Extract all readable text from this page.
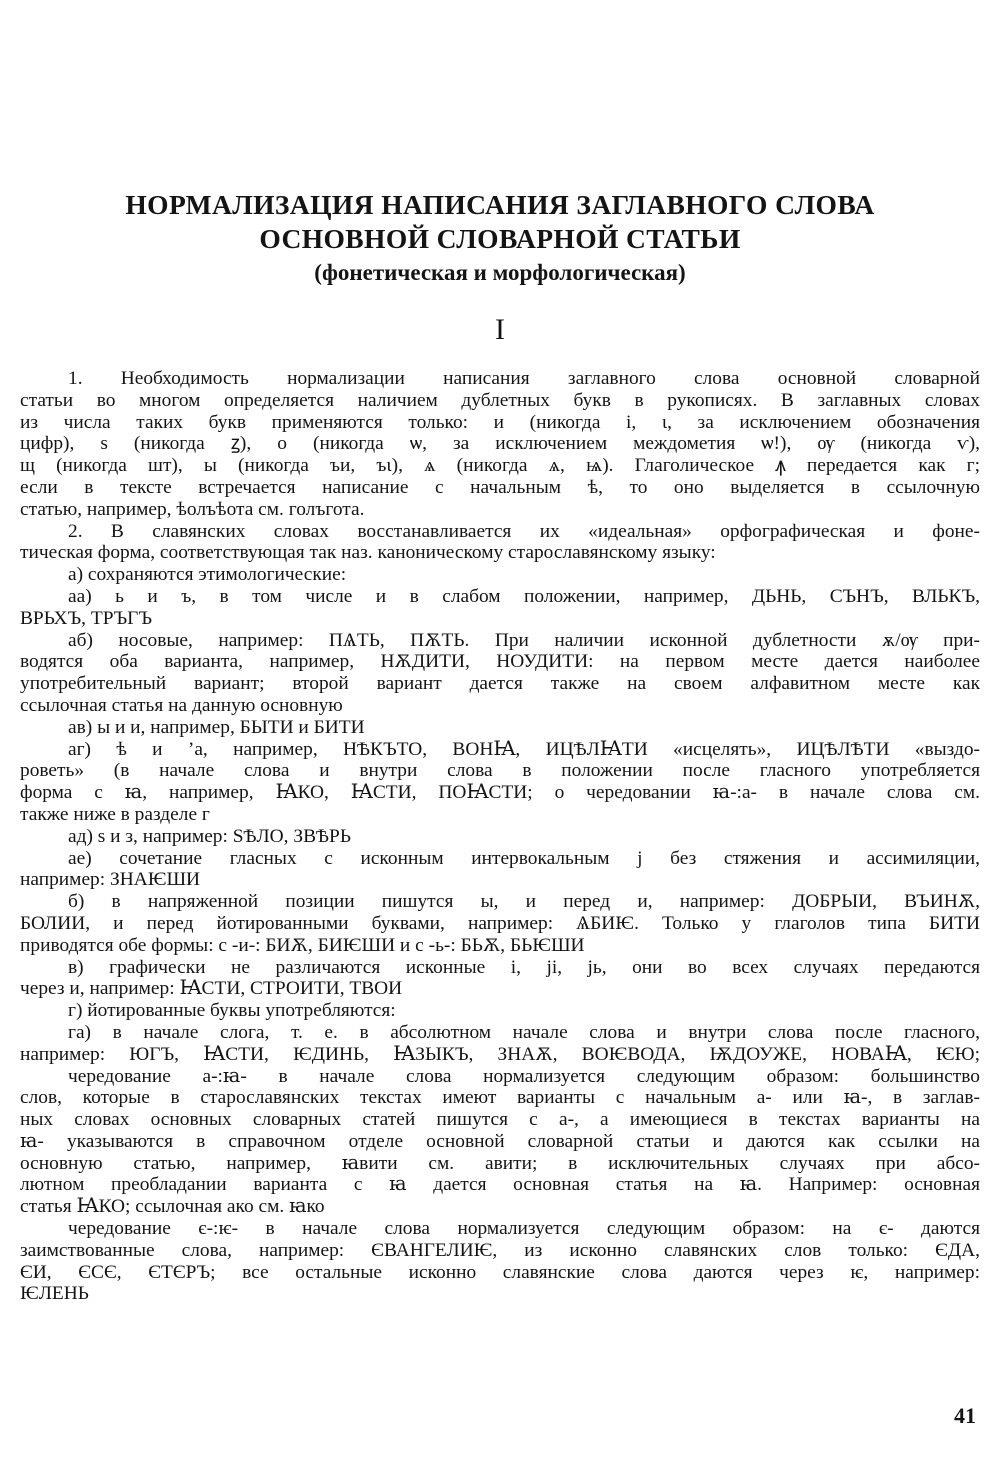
НОРМАЛИЗАЦИЯ НАПИСАНИЯ ЗАГЛАВНОГО СЛОВА

ОСНОВНОЙ СЛОВАРНОЙ СТАТЬИ

(фонетическая и морфологическая)

I
1. Необходимость нормализации написания заглавного слова основной словарной
статьи во многом определяется наличием дублетных букв в рукописях. В заглавных словах
из числа таких букв применяются только: и (никогда і, ι, за исключением обозначения
цифр), ѕ (никогда ꙁ), о (никогда ѡ, за исключением междометия ѡ!), ѹ (никогда ѵ),
щ (никогда шт), ы (никогда ъи, ъι), ѧ (никогда ѧ, ѩ). Глаголическое ꙟ передается как г;
если в тексте встречается написание с начальным ѣ, то оно выделяется в ссылочную
статью, например, ѣолъѣота см. голъгота.
2. В славянских словах восстанавливается их «идеальная» орфографическая и фоне-
тическая форма, соответствующая так наз. каноническому старославянскому языку:
а) сохраняются этимологические:
аа) ь и ъ, в том числе и в слабом положении, например, ДЬНЬ, СЪНЪ, ВЛЬКЪ,
ВРЬХЪ, ТРЪГЪ
аб) носовые, например: ПѦТЬ, ПѪТЬ. При наличии исконной дублетности ѫ/ѹ при-
водятся оба варианта, например, НѪДИТИ, НОУДИТИ: на первом месте дается наиболее
употребительный вариант; второй вариант дается также на своем алфавитном месте как
ссылочная статья на данную основную
ав) ы и и, например, БЫТИ и БИТИ
аг) ѣ и ’а, например, НѢКЪТО, ВОНꙖ, ИЦѢЛꙖТИ «исцелять», ИЦѢЛѢТИ «выздо-
роветь» (в начале слова и внутри слова в положении после гласного употребляется
форма с ꙗ, например, ꙖКО, ꙖСТИ, ПОꙖСТИ; о чередовании ꙗ-:а- в начале слова см.
также ниже в разделе г
ад) ѕ и з, например: ЅѢЛО, ЗВѢРЬ
ае) сочетание гласных с исконным интервокальным j без стяжения и ассимиляции,
например: ЗНАѤШИ
б) в напряженной позиции пишутся ы, и перед и, например: ДОБРЫИ, ВЪИНѪ,
БОЛИИ, и перед йотированными буквами, например: ѦБИѤ. Только у глаголов типа БИТИ
приводятся обе формы: с -и-: БИѪ, БИѤШИ и с -ь-: БЬѪ, БЬѤШИ
в) графически не различаются исконные і, јі, јь, они во всех случаях передаются
через и, например: ꙖСТИ, СТРОИТИ, ТВОИ
г) йотированные буквы употребляются:
га) в начале слога, т. е. в абсолютном начале слова и внутри слова после гласного,
например: ЮГЪ, ꙖСТИ, ѤДИНЬ, ꙖЗЫКЪ, ЗНАѪ, ВОѤВОДА, ѬДОУЖЕ, НОВАꙖ, ѤЮ;
чередование а-:ꙗ- в начале слова нормализуется следующим образом: большинство
слов, которые в старославянских текстах имеют варианты с начальным а- или ꙗ-, в заглав-
ных словах основных словарных статей пишутся с а-, а имеющиеся в текстах варианты на
ꙗ- указываются в справочном отделе основной словарной статьи и даются как ссылки на
основную статью, например, ꙗвити см. авити; в исключительных случаях при абсо-
лютном преобладании варианта с ꙗ дается основная статья на ꙗ. Например: основная
статья ꙖКО; ссылочная ако см. ꙗко
чередование є-:ѥ- в начале слова нормализуется следующим образом: на є- даются
заимствованные слова, например: ЄВАНГЕЛИѤ, из исконно славянских слов только: ЄДА,
ЄИ, ЄСЄ, ЄТЄРЪ; все остальные исконно славянские слова даются через ѥ, например:
ѤЛЕНЬ
41
